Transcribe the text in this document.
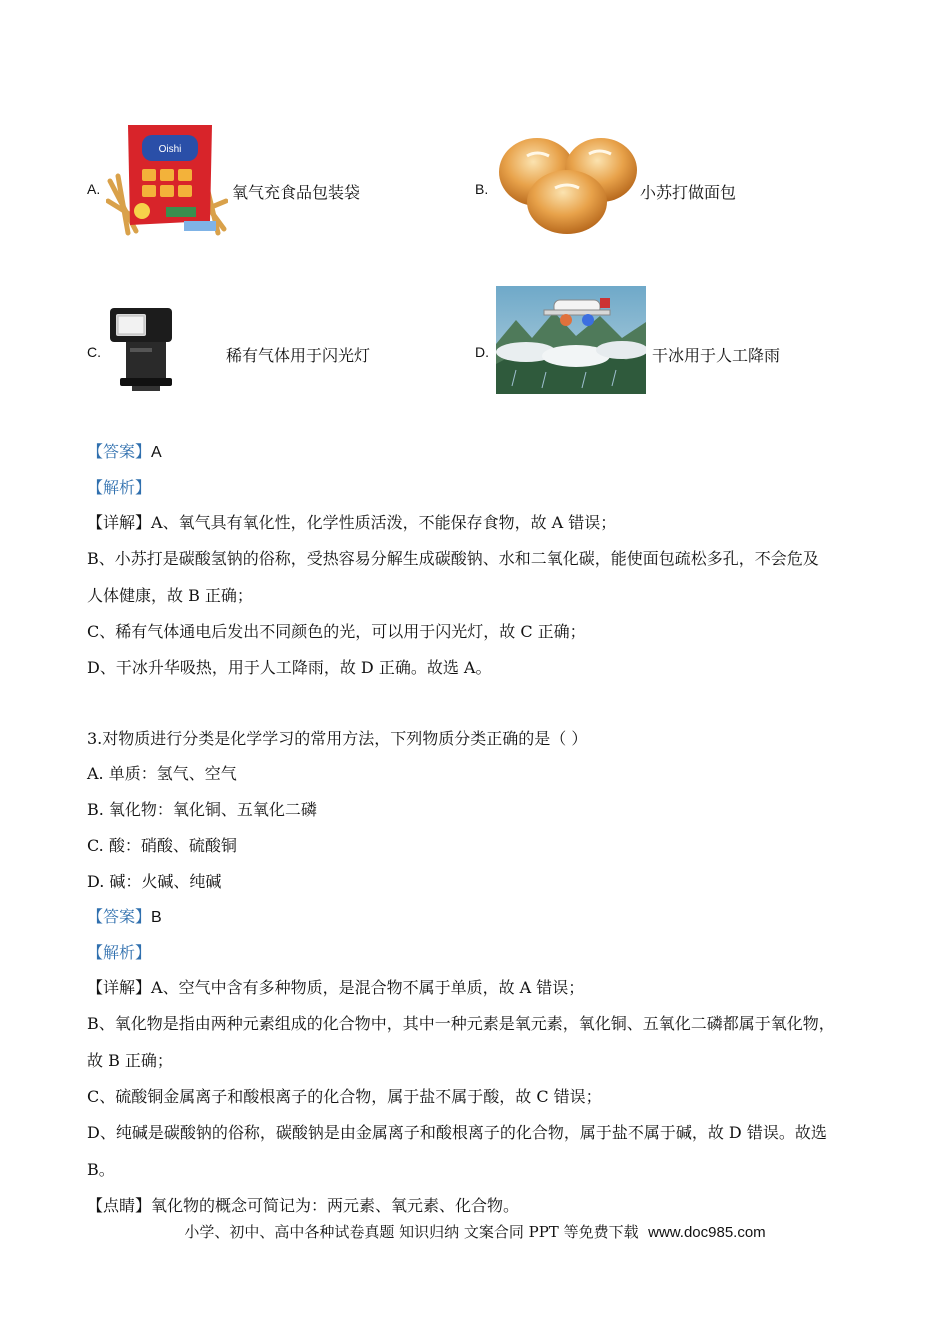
A.
Oishi
氧气充食品包装袋	B.	小苏打做面包
C.	稀有气体用于闪光灯	D.	干冰用于人工降雨
【答案】A
【解析】
【详解】A、氧气具有氧化性，化学性质活泼，不能保存食物，故 A 错误；
B、小苏打是碳酸氢钠的俗称，受热容易分解生成碳酸钠、水和二氧化碳，能使面包疏松多孔，不会危及
人体健康，故 B 正确；
C、稀有气体通电后发出不同颜色的光，可以用于闪光灯，故 C 正确；
D、干冰升华吸热，用于人工降雨，故 D 正确。故选 A。
3.对物质进行分类是化学学习的常用方法，下列物质分类正确的是（ ）
A. 单质：氢气、空气
B. 氧化物：氧化铜、五氧化二磷
C. 酸：硝酸、硫酸铜
D. 碱：火碱、纯碱
【答案】B
【解析】
【详解】A、空气中含有多种物质，是混合物不属于单质，故 A 错误；
B、氧化物是指由两种元素组成的化合物中，其中一种元素是氧元素，氧化铜、五氧化二磷都属于氧化物，
故 B 正确；
C、硫酸铜金属离子和酸根离子的化合物，属于盐不属于酸，故 C 错误；
D、纯碱是碳酸钠的俗称，碳酸钠是由金属离子和酸根离子的化合物，属于盐不属于碱，故 D 错误。故选
B。
【点睛】氧化物的概念可简记为：两元素、氧元素、化合物。
小学、初中、高中各种试卷真题 知识归纳 文案合同 PPT 等免费下载 www.doc985.com
